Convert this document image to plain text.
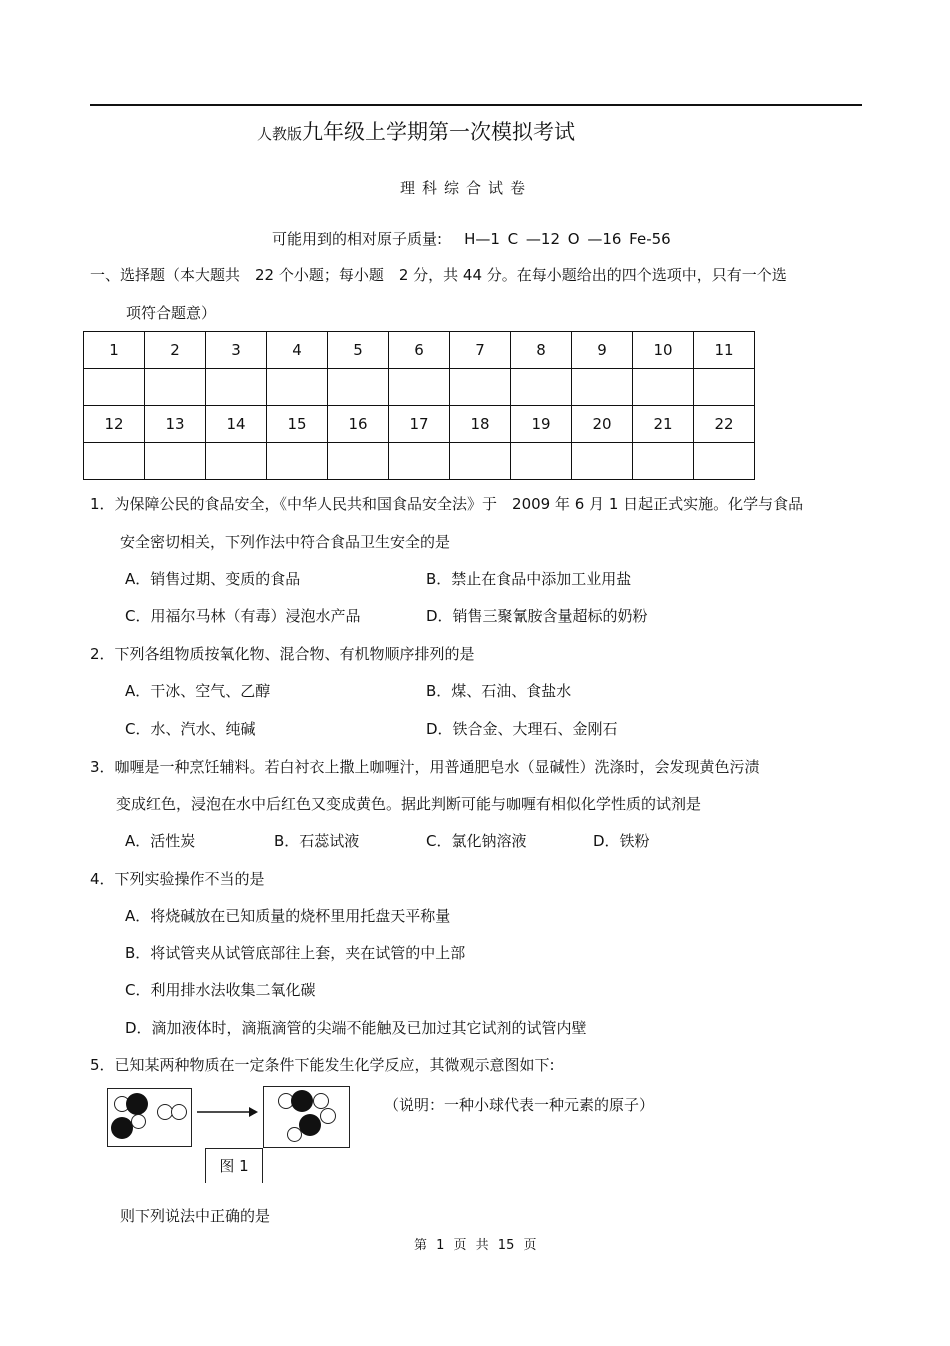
人教版九年级上学期第一次模拟考试
理科综合试卷
可能用到的相对原子质量: H—1 C —12 O —16 Fe-56
一、选择题（本大题共　22 个小题；每小题　2 分，共 44 分。在每小题给出的四个选项中，只有一个选
项符合题意）
1	2	3	4	5	6	7	8	9	10	11

12	13	14	15	16	17	18	19	20	21	22

1．为保障公民的食品安全，《中华人民共和国食品安全法》于　2009 年 6 月 1 日起正式实施。化学与食品
安全密切相关，下列作法中符合食品卫生安全的是
A．销售过期、变质的食品	B．禁止在食品中添加工业用盐
C．用福尔马林（有毒）浸泡水产品	D．销售三聚氰胺含量超标的奶粉
2．下列各组物质按氧化物、混合物、有机物顺序排列的是
A．干冰、空气、乙醇	B．煤、石油、食盐水
C．水、汽水、纯碱	D．铁合金、大理石、金刚石
3．咖喱是一种烹饪辅料。若白衬衣上撒上咖喱汁，用普通肥皂水（显碱性）洗涤时，会发现黄色污渍
变成红色，浸泡在水中后红色又变成黄色。据此判断可能与咖喱有相似化学性质的试剂是
A．活性炭	B．石蕊试液	C．氯化钠溶液	D．铁粉
4．下列实验操作不当的是
A．将烧碱放在已知质量的烧杯里用托盘天平称量
B．将试管夹从试管底部往上套，夹在试管的中上部
C．利用排水法收集二氧化碳
D．滴加液体时，滴瓶滴管的尖端不能触及已加过其它试剂的试管内壁
5．已知某两种物质在一定条件下能发生化学反应，其微观示意图如下:
图 1
（说明：一种小球代表一种元素的原子）
则下列说法中正确的是
第 1 页 共 15 页
